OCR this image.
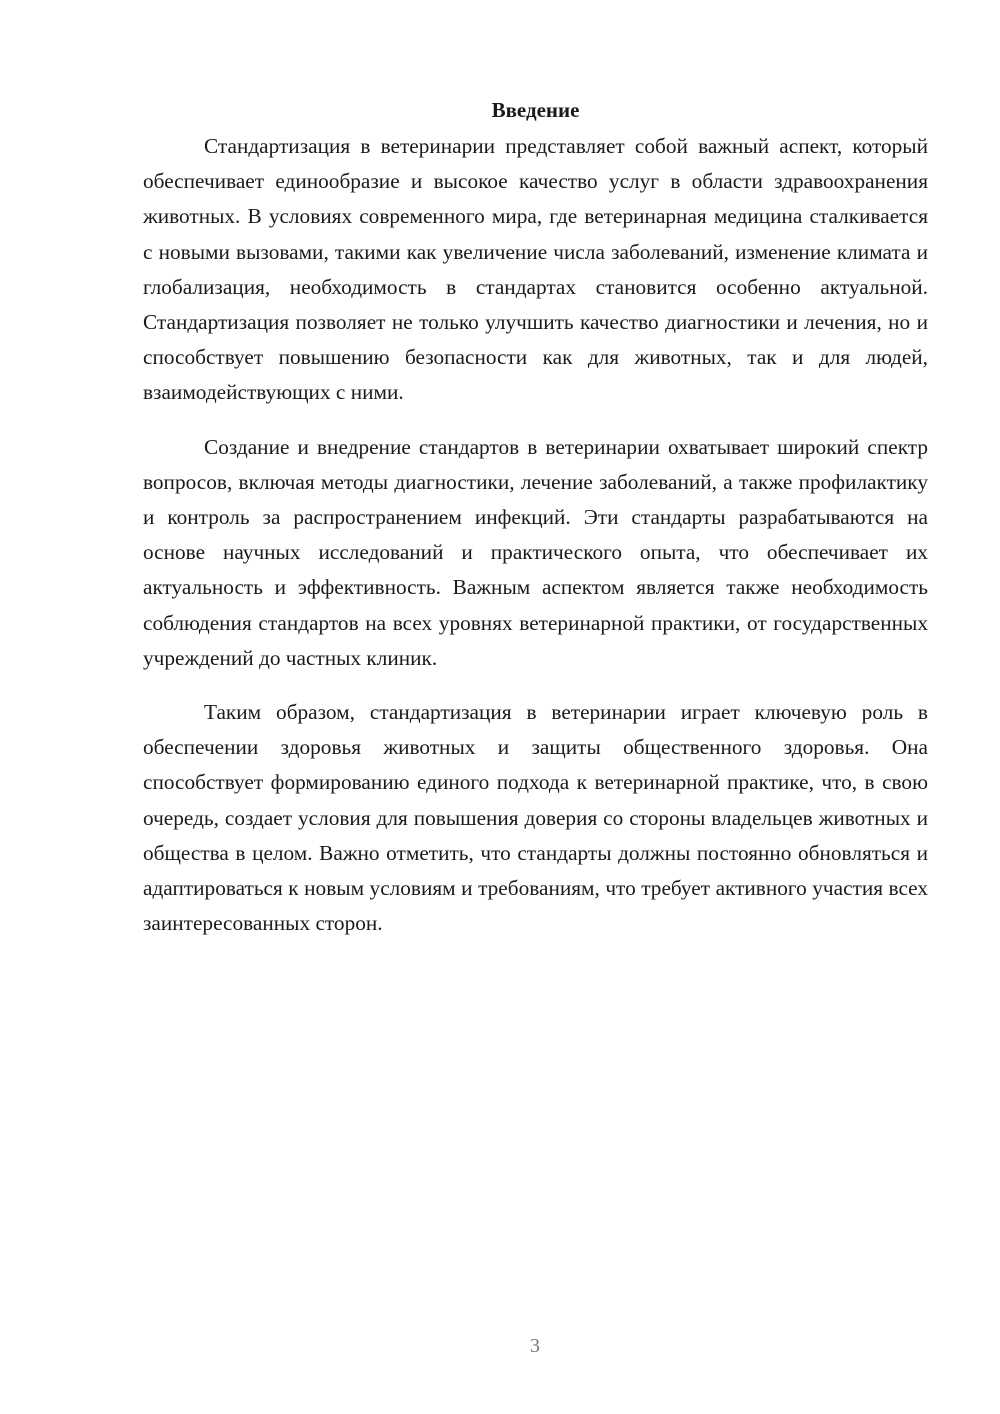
Введение

Стандартизация в ветеринарии представляет собой важный аспект, который обеспечивает единообразие и высокое качество услуг в области здравоохранения животных. В условиях современного мира, где ветеринарная медицина сталкивается с новыми вызовами, такими как увеличение числа заболеваний, изменение климата и глобализация, необходимость в стандартах становится особенно актуальной. Стандартизация позволяет не только улучшить качество диагностики и лечения, но и способствует повышению безопасности как для животных, так и для людей, взаимодействующих с ними.

Создание и внедрение стандартов в ветеринарии охватывает широкий спектр вопросов, включая методы диагностики, лечение заболеваний, а также профилактику и контроль за распространением инфекций. Эти стандарты разрабатываются на основе научных исследований и практического опыта, что обеспечивает их актуальность и эффективность. Важным аспектом является также необходимость соблюдения стандартов на всех уровнях ветеринарной практики, от государственных учреждений до частных клиник.

Таким образом, стандартизация в ветеринарии играет ключевую роль в обеспечении здоровья животных и защиты общественного здоровья. Она способствует формированию единого подхода к ветеринарной практике, что, в свою очередь, создает условия для повышения доверия со стороны владельцев животных и общества в целом. Важно отметить, что стандарты должны постоянно обновляться и адаптироваться к новым условиям и требованиям, что требует активного участия всех заинтересованных сторон.

3
